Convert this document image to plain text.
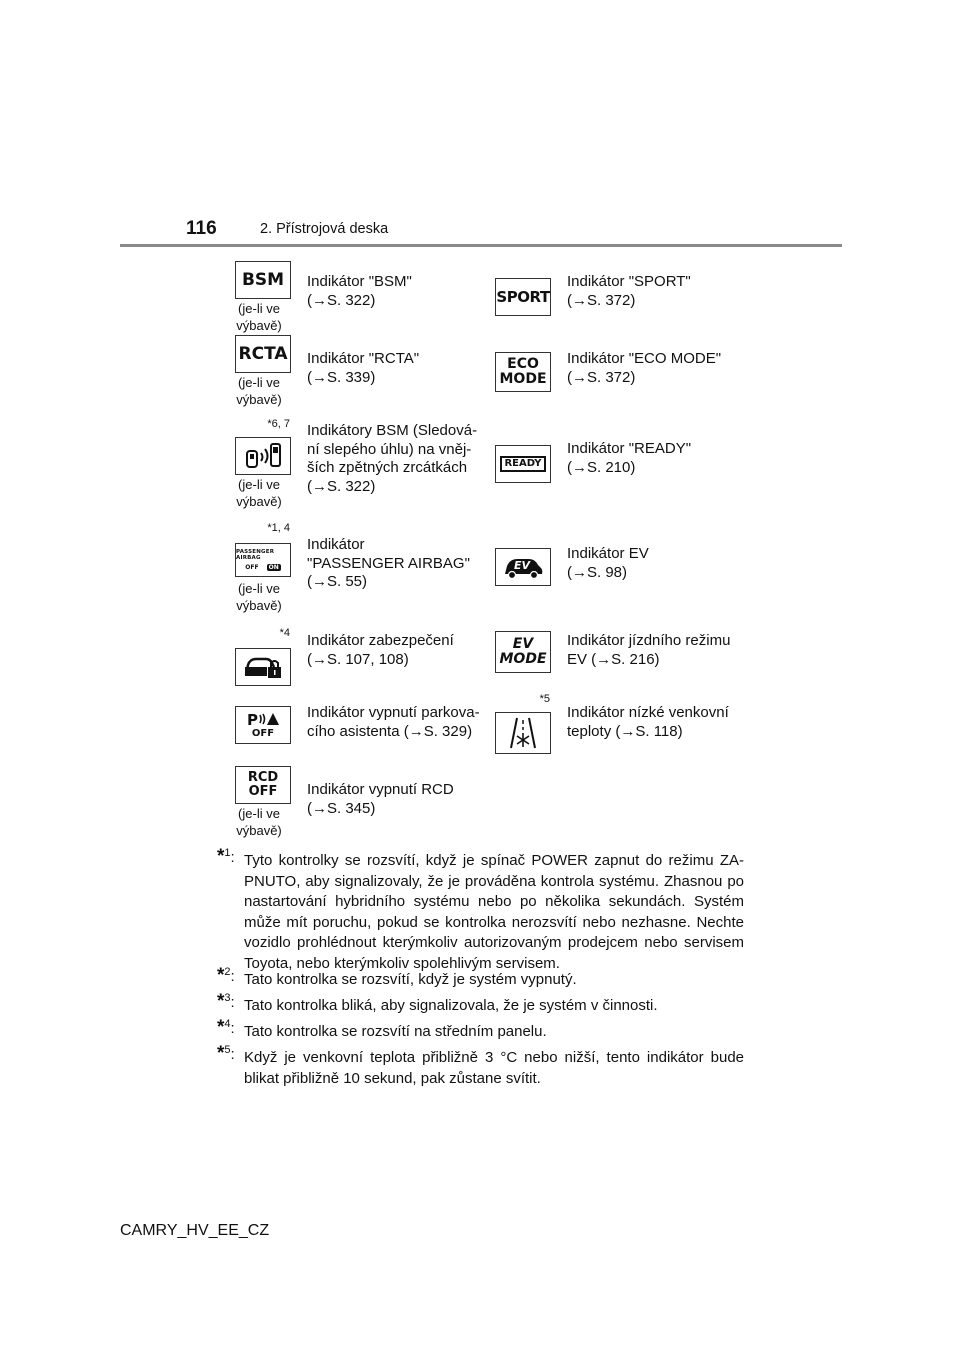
116	2. Přístrojová deska
BSM
(je-li ve
výbavě)
Indikátor "BSM"
(→S. 322)
RCTA
(je-li ve
výbavě)
Indikátor "RCTA"
(→S. 339)
*6, 7
(je-li ve
výbavě)
Indikátory BSM (Sledová-
ní slepého úhlu) na vněj-
ších zpětných zrcátkách
(→S. 322)
*1, 4
PASSENGER AIRBAG
OFF	ON
(je-li ve
výbavě)
Indikátor
"PASSENGER AIRBAG"
(→S. 55)
*4 Indikátor zabezpečení
(→S. 107, 108)
P
OFF
Indikátor vypnutí parkova-
cího asistenta (→S. 329)
RCD
OFF
(je-li ve
výbavě)
Indikátor vypnutí RCD
(→S. 345)
SPORT
Indikátor "SPORT"
(→S. 372)
ECO
MODE
Indikátor "ECO MODE"
(→S. 372)
READY
Indikátor "READY"
(→S. 210)
EV
Indikátor EV
(→S. 98)
EV
MODE
Indikátor jízdního režimu
EV (→S. 216)
*5
Indikátor nízké venkovní
teploty (→S. 118)
*$^1$: Tyto kontrolky se rozsvítí, když je spínač POWER zapnut do režimu ZA-PNUTO, aby signalizovaly, že je prováděna kontrola systému. Zhasnou po nastartování hybridního systému nebo po několika sekundách. Systém může mít poruchu, pokud se kontrolka nerozsvítí nebo nezhasne. Nechte vozidlo prohlédnout kterýmkoliv autorizovaným prodejcem nebo servisem Toyota, nebo kterýmkoliv spolehlivým servisem.
*$^2$: Tato kontrolka se rozsvítí, když je systém vypnutý.
*$^3$: Tato kontrolka bliká, aby signalizovala, že je systém v činnosti.
*$^4$: Tato kontrolka se rozsvítí na středním panelu.
*$^5$: Když je venkovní teplota přibližně 3 °C nebo nižší, tento indikátor bude blikat přibližně 10 sekund, pak zůstane svítit.
CAMRY_HV_EE_CZ
